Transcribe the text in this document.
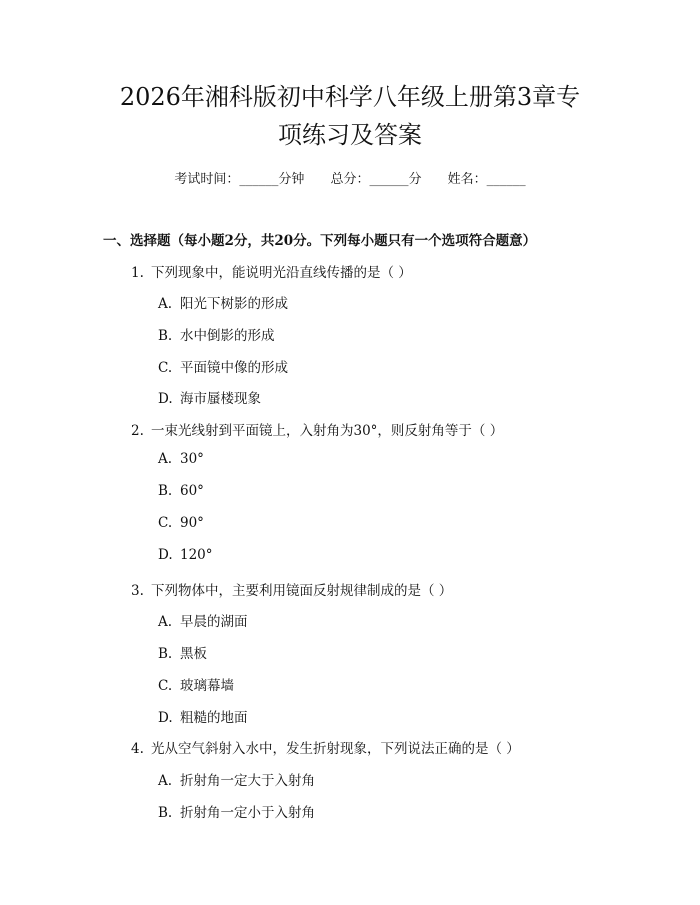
2026年湘科版初中科学八年级上册第3章专
项练习及答案
考试时间：______分钟 总分：______分 姓名：______
一、选择题（每小题2分，共20分。下列每小题只有一个选项符合题意）
1. 下列现象中，能说明光沿直线传播的是（ ）
A. 阳光下树影的形成
B. 水中倒影的形成
C. 平面镜中像的形成
D. 海市蜃楼现象
2. 一束光线射到平面镜上，入射角为30°，则反射角等于（ ）
A. 30°
B. 60°
C. 90°
D. 120°
3. 下列物体中，主要利用镜面反射规律制成的是（ ）
A. 早晨的湖面
B. 黑板
C. 玻璃幕墙
D. 粗糙的地面
4. 光从空气斜射入水中，发生折射现象，下列说法正确的是（ ）
A. 折射角一定大于入射角
B. 折射角一定小于入射角
